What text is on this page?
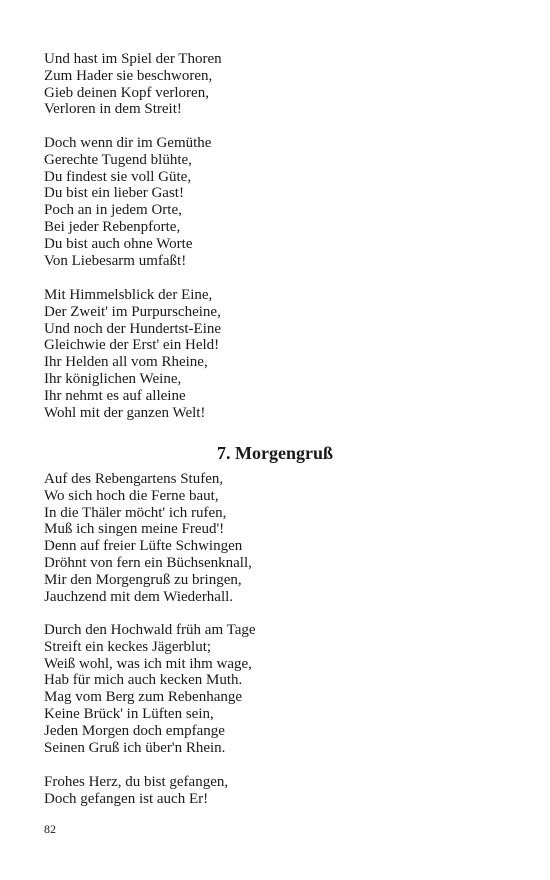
Und hast im Spiel der Thoren
Zum Hader sie beschworen,
Gieb deinen Kopf verloren,
Verloren in dem Streit!
Doch wenn dir im Gemüthe
Gerechte Tugend blühte,
Du findest sie voll Güte,
Du bist ein lieber Gast!
Poch an in jedem Orte,
Bei jeder Rebenpforte,
Du bist auch ohne Worte
Von Liebesarm umfaßt!
Mit Himmelsblick der Eine,
Der Zweit' im Purpurscheine,
Und noch der Hundertst-Eine
Gleichwie der Erst' ein Held!
Ihr Helden all vom Rheine,
Ihr königlichen Weine,
Ihr nehmt es auf alleine
Wohl mit der ganzen Welt!
7. Morgengruß
Auf des Rebengartens Stufen,
Wo sich hoch die Ferne baut,
In die Thäler möcht' ich rufen,
Muß ich singen meine Freud'!
Denn auf freier Lüfte Schwingen
Dröhnt von fern ein Büchsenknall,
Mir den Morgengruß zu bringen,
Jauchzend mit dem Wiederhall.
Durch den Hochwald früh am Tage
Streift ein keckes Jägerblut;
Weiß wohl, was ich mit ihm wage,
Hab für mich auch kecken Muth.
Mag vom Berg zum Rebenhange
Keine Brück' in Lüften sein,
Jeden Morgen doch empfange
Seinen Gruß ich über'n Rhein.
Frohes Herz, du bist gefangen,
Doch gefangen ist auch Er!
82
